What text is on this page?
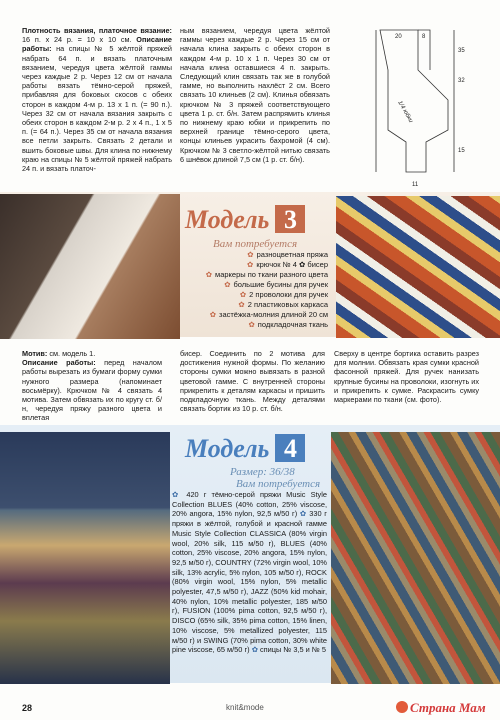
Плотность вязания, платочное вязание: 16 п. x 24 р. = 10 x 10 см. Описание работы: на спицы № 5 жёлтой пряжей набрать 64 п. и вязать платочным вязанием, чередуя цвета жёлтой гаммы через каждые 2 р. Через 12 см от начала работы вязать тёмно-серой пряжей, прибавляя для боковых скосов с обеих сторон в каждом 4-м р. 13 x 1 п. (= 90 п.). Через 32 см от начала вязания закрыть с обеих сторон в каждом 2-м р. 2 x 4 п., 1 x 5 п. (= 64 п.). Через 35 см от начала вязания все петли закрыть. Связать 2 детали и вшить боковые швы. Для клина по нижнему краю на спицы № 5 жёлтой пряжей набрать 24 п. и вязать платоч-
ным вязанием, чередуя цвета жёлтой гаммы через каждые 2 р. Через 15 см от начала клина закрыть с обеих сторон в каждом 4-м р. 10 x 1 п. Через 30 см от начала клина оставшиеся 4 п. закрыть. Следующий клин связать так же в голубой гамме, но выполнить нахлёст 2 см. Всего связать 10 клиньев (2 см). Клинья обвязать крючком № 3 пряжей соответствующего цвета 1 р. ст. б/н. Затем распрямить клинья по нижнему краю юбки и прикрепить по верхней границе тёмно-серого цвета, концы клиньев украсить бахромой (4 см). Крючком № 3 светло-жёлтой нитью связать 6 шнёвок длиной 7,5 см (1 р. ст. б/н).
20	8
35
32
15
11
1/4 юбки
Модель 3
Вам потребуется
✿ разноцветная пряжа
✿ крючок № 4 ✿ бисер
✿ маркеры по ткани разного цвета
✿ большие бусины для ручек
✿ 2 проволоки для ручек
✿ 2 пластиковых каркаса
✿ застёжка-молния длиной 20 см
✿ подкладочная ткань
Мотив: см. модель 1.
Описание работы: перед началом работы вырезать из бумаги форму сумки нужного размера (напоминает восьмёрку). Крючком № 4 связать 4 мотива. Затем обвязать их по кругу ст. б/н, чередуя пряжу разного цвета и вплетая
бисер. Соединить по 2 мотива для достижения нужной формы. По желанию стороны сумки можно вывязать в разной цветовой гамме. С внутренней стороны прикрепить к деталям каркасы и пришить подкладочную ткань. Между деталями связать бортик из 10 р. ст. б/н.
Сверху в центре бортика оставить разрез для молнии. Обвязать края сумки красной фасонной пряжей. Для ручек нанизать крупные бусины на проволоки, изогнуть их и прикрепить к сумке. Раскрасить сумку маркерами по ткани (см. фото).
Модель 4
Размер: 36/38
Вам потребуется
✿ 420 г тёмно-серой пряжи Music Style Collection BLUES (40% cotton, 25% viscose, 20% angora, 15% nylon, 92,5 м/50 г) ✿ 330 г пряжи в жёлтой, голубой и красной гамме Music Style Collection CLASSICA (80% virgin wool, 20% silk, 115 м/50 г), BLUES (40% cotton, 25% viscose, 20% angora, 15% nylon, 92,5 м/50 г), COUNTRY (72% virgin wool, 10% silk, 13% acrylic, 5% nylon, 105 м/50 г), ROCK (80% virgin wool, 15% nylon, 5% metallic polyester, 47,5 м/50 г), JAZZ (50% kid mohair, 40% nylon, 10% metallic polyester, 185 м/50 г), FUSION (100% pima cotton, 92,5 м/50 г), DISCO (65% silk, 35% pima cotton, 15% linen, 10% viscose, 5% metallized polyester, 115 м/50 г) и SWING (70% pima cotton, 30% white pine viscose, 65 м/50 г) ✿ спицы № 3,5 и № 5
28	knit&mode	Страна Мам
